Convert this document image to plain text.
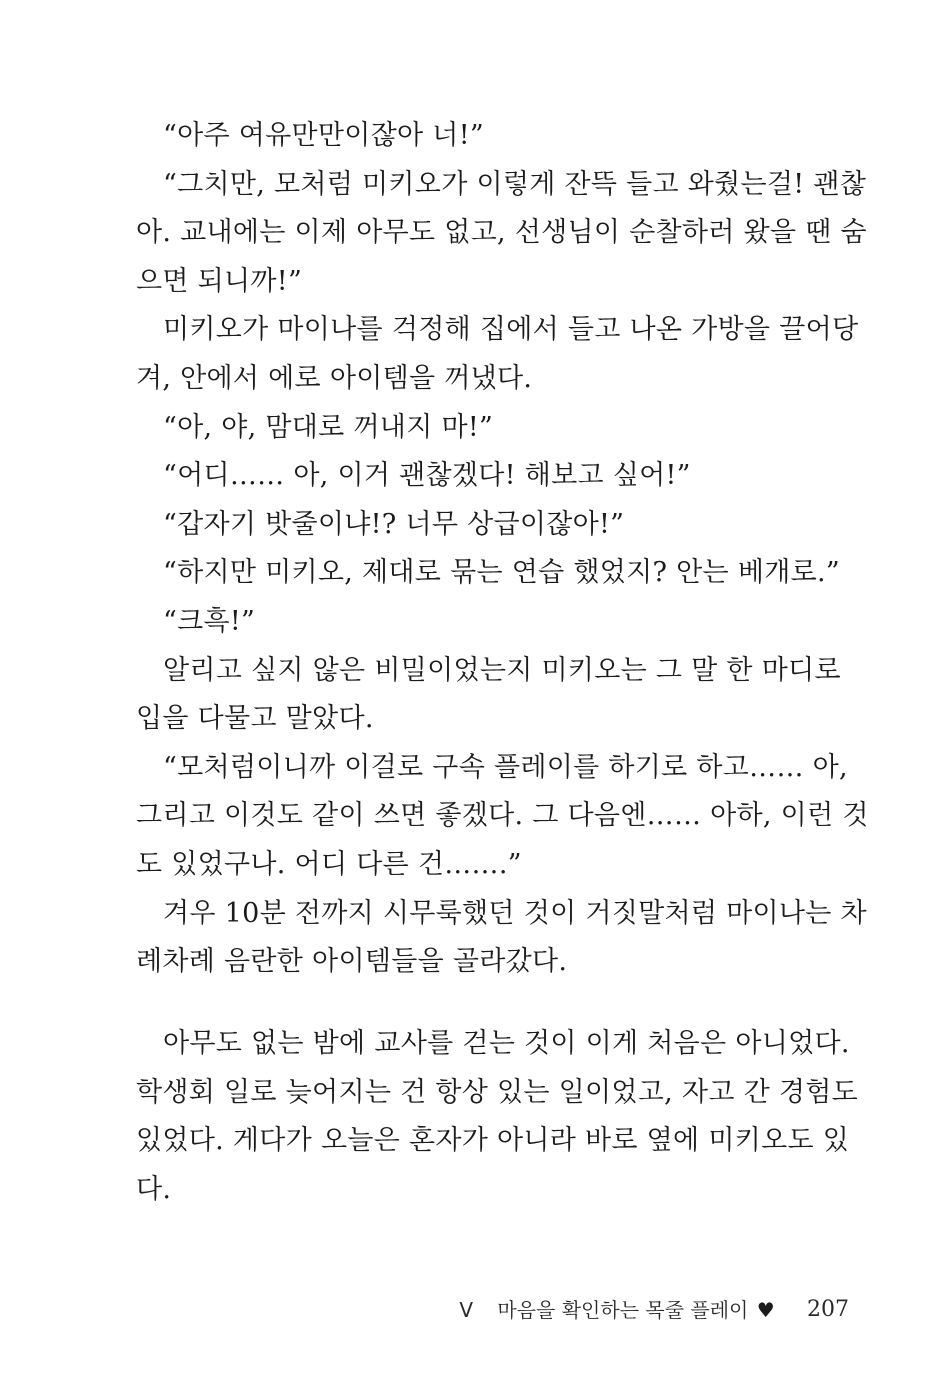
“아주 여유만만이잖아 너!”
“그치만, 모처럼 미키오가 이렇게 잔뜩 들고 와줬는걸! 괜찮
아. 교내에는 이제 아무도 없고, 선생님이 순찰하러 왔을 땐 숨
으면 되니까!”
미키오가 마이나를 걱정해 집에서 들고 나온 가방을 끌어당
겨, 안에서 에로 아이템을 꺼냈다.
“아, 야, 맘대로 꺼내지 마!”
“어디…… 아, 이거 괜찮겠다! 해보고 싶어!”
“갑자기 밧줄이냐!? 너무 상급이잖아!”
“하지만 미키오, 제대로 묶는 연습 했었지? 안는 베개로.”
“크흑!”
알리고 싶지 않은 비밀이었는지 미키오는 그 말 한 마디로
입을 다물고 말았다.
“모처럼이니까 이걸로 구속 플레이를 하기로 하고…… 아,
그리고 이것도 같이 쓰면 좋겠다. 그 다음엔…… 아하, 이런 것
도 있었구나. 어디 다른 건…….”
겨우 10분 전까지 시무룩했던 것이 거짓말처럼 마이나는 차
례차례 음란한 아이템들을 골라갔다.
아무도 없는 밤에 교사를 걷는 것이 이게 처음은 아니었다.
학생회 일로 늦어지는 건 항상 있는 일이었고, 자고 간 경험도
있었다. 게다가 오늘은 혼자가 아니라 바로 옆에 미키오도 있
다.
V 마음을 확인하는 목줄 플레이 ♥ 207
